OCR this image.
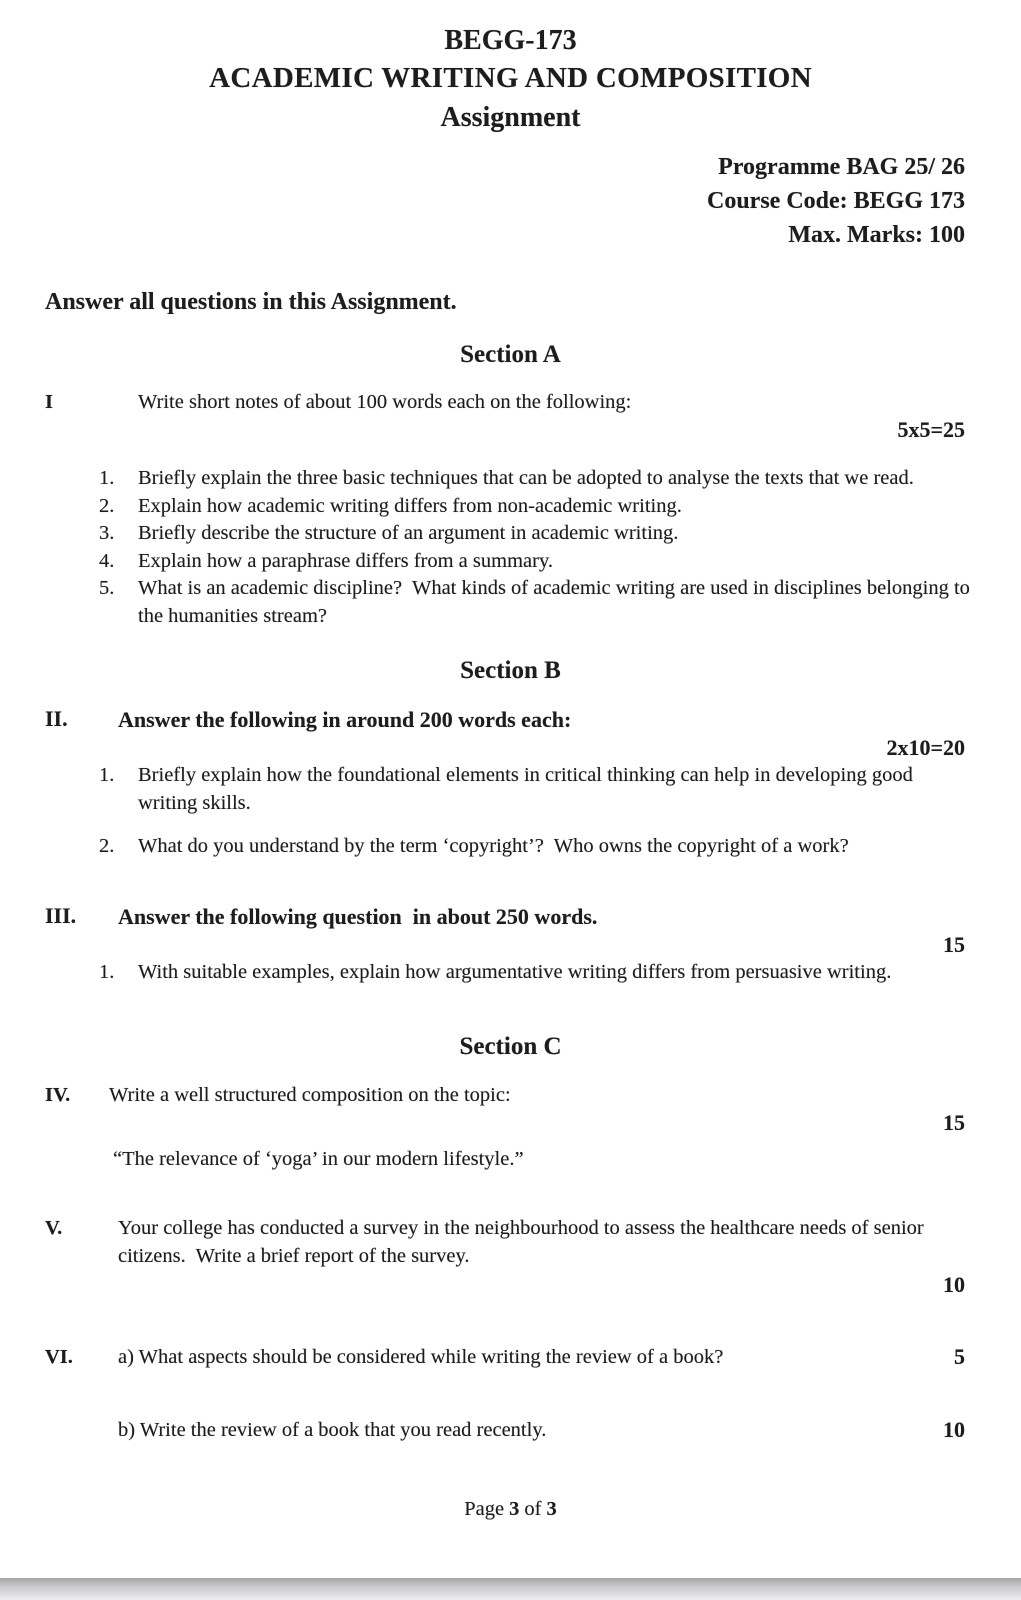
BEGG-173
ACADEMIC WRITING AND COMPOSITION
Assignment
Programme BAG 25/ 26
Course Code: BEGG 173
Max. Marks: 100
Answer all questions in this Assignment.
Section A
I	Write short notes of about 100 words each on the following:
5x5=25
1.	Briefly explain the three basic techniques that can be adopted to analyse the texts that we read.
2.	Explain how academic writing differs from non-academic writing.
3.	Briefly describe the structure of an argument in academic writing.
4.	Explain how a paraphrase differs from a summary.
5.	What is an academic discipline?  What kinds of academic writing are used in disciplines belonging to the humanities stream?
Section B
II.	Answer the following in around 200 words each:
2x10=20
1.	Briefly explain how the foundational elements in critical thinking can help in developing good writing skills.
2.	What do you understand by the term ‘copyright’?  Who owns the copyright of a work?
III.	Answer the following question  in about 250 words.
15
1.	With suitable examples, explain how argumentative writing differs from persuasive writing.
Section C
IV.	Write a well structured composition on the topic:
15
“The relevance of ‘yoga’ in our modern lifestyle.”
V.	Your college has conducted a survey in the neighbourhood to assess the healthcare needs of senior citizens.  Write a brief report of the survey.
10
VI.	a) What aspects should be considered while writing the review of a book?	5
b) Write the review of a book that you read recently.	10
Page 3 of 3
